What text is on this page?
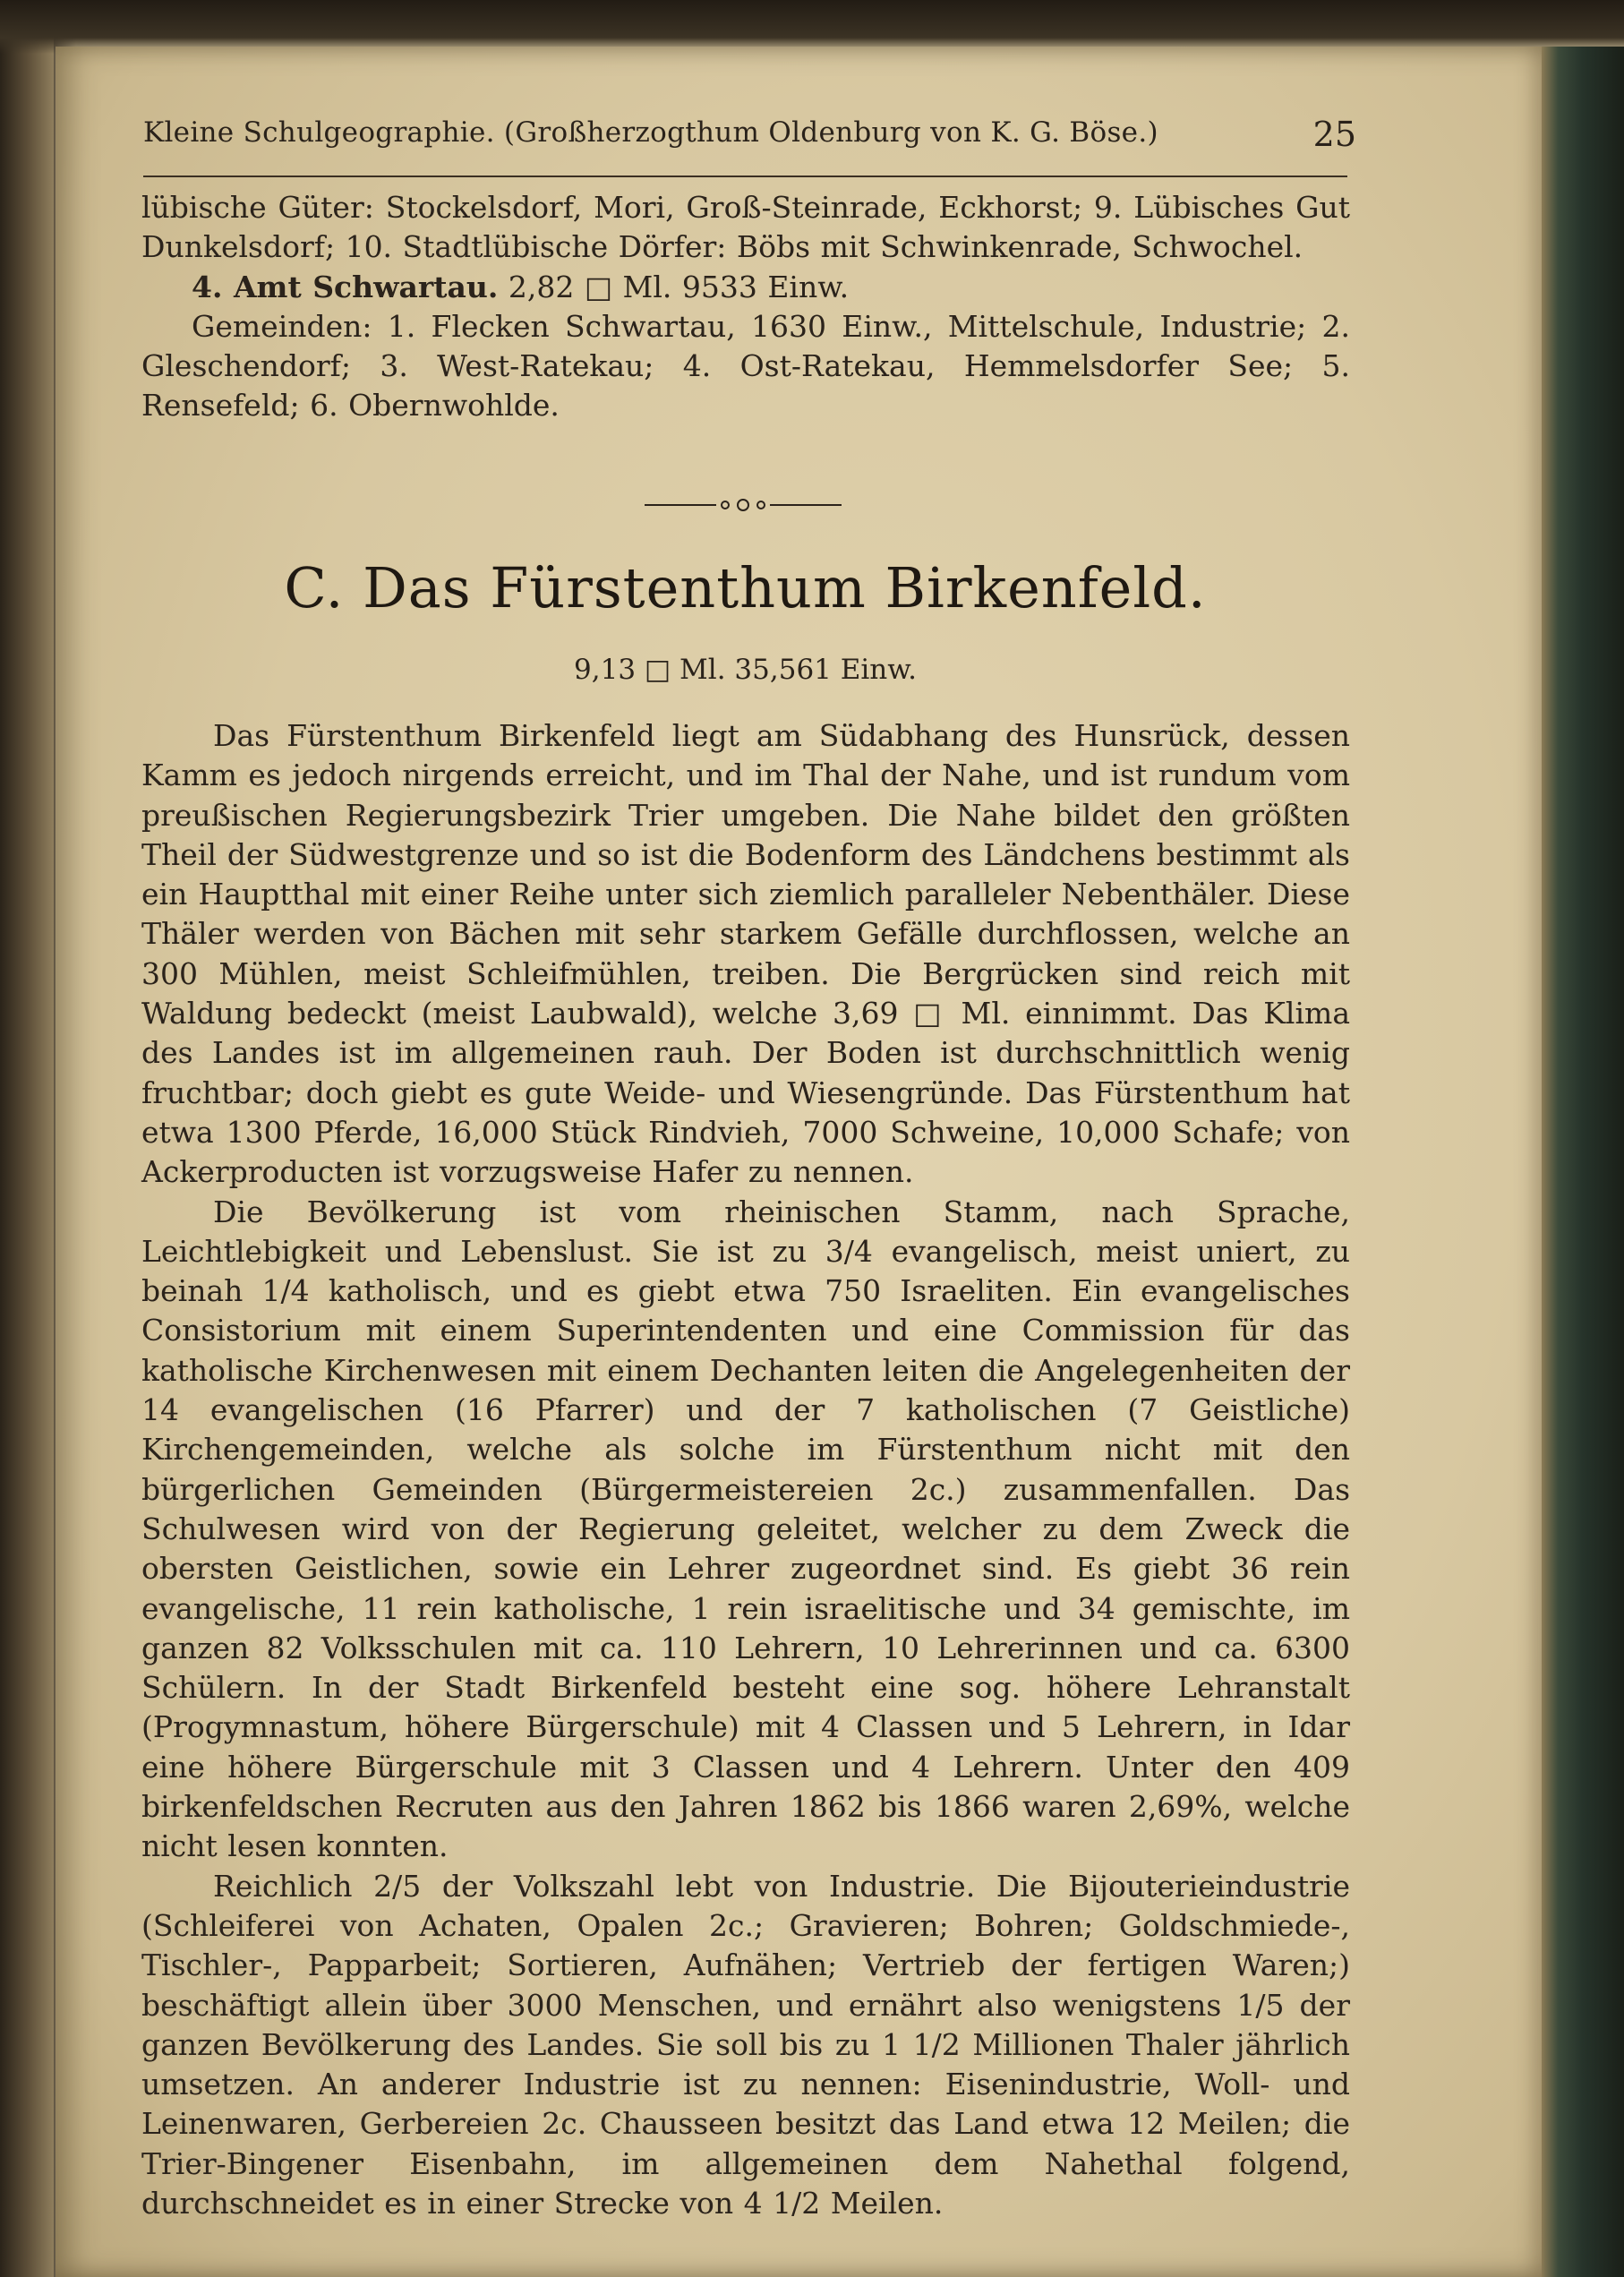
Kleine Schulgeographie. (Großherzogthum Oldenburg von K. G. Böse.)	25

lübische Güter: Stockelsdorf, Mori, Groß-Steinrade, Eckhorst; 9. Lübisches Gut Dunkelsdorf; 10. Stadtlübische Dörfer: Böbs mit Schwinkenrade, Schwochel.

4. Amt Schwartau. 2,82 □ Ml. 9533 Einw.

Gemeinden: 1. Flecken Schwartau, 1630 Einw., Mittelschule, Industrie; 2. Gleschendorf; 3. West-Ratekau; 4. Ost-Ratekau, Hemmelsdorfer See; 5. Rensefeld; 6. Obernwohlde.

C. Das Fürstenthum Birkenfeld.
9,13 □ Ml. 35,561 Einw.

Das Fürstenthum Birkenfeld liegt am Südabhang des Hunsrück, dessen Kamm es jedoch nirgends erreicht, und im Thal der Nahe, und ist rundum vom preußischen Regierungsbezirk Trier umgeben. Die Nahe bildet den größten Theil der Südwestgrenze und so ist die Bodenform des Ländchens bestimmt als ein Hauptthal mit einer Reihe unter sich ziemlich paralleler Nebenthäler. Diese Thäler werden von Bächen mit sehr starkem Gefälle durchflossen, welche an 300 Mühlen, meist Schleifmühlen, treiben. Die Bergrücken sind reich mit Waldung bedeckt (meist Laubwald), welche 3,69 □ Ml. einnimmt. Das Klima des Landes ist im allgemeinen rauh. Der Boden ist durchschnittlich wenig fruchtbar; doch giebt es gute Weide- und Wiesengründe. Das Fürstenthum hat etwa 1300 Pferde, 16,000 Stück Rindvieh, 7000 Schweine, 10,000 Schafe; von Ackerproducten ist vorzugsweise Hafer zu nennen.

Die Bevölkerung ist vom rheinischen Stamm, nach Sprache, Leichtlebigkeit und Lebenslust. Sie ist zu 3/4 evangelisch, meist uniert, zu beinah 1/4 katholisch, und es giebt etwa 750 Israeliten. Ein evangelisches Consistorium mit einem Superintendenten und eine Commission für das katholische Kirchenwesen mit einem Dechanten leiten die Angelegenheiten der 14 evangelischen (16 Pfarrer) und der 7 katholischen (7 Geistliche) Kirchengemeinden, welche als solche im Fürstenthum nicht mit den bürgerlichen Gemeinden (Bürgermeistereien 2c.) zusammenfallen. Das Schulwesen wird von der Regierung geleitet, welcher zu dem Zweck die obersten Geistlichen, sowie ein Lehrer zugeordnet sind. Es giebt 36 rein evangelische, 11 rein katholische, 1 rein israelitische und 34 gemischte, im ganzen 82 Volksschulen mit ca. 110 Lehrern, 10 Lehrerinnen und ca. 6300 Schülern. In der Stadt Birkenfeld besteht eine sog. höhere Lehranstalt (Progymnastum, höhere Bürgerschule) mit 4 Classen und 5 Lehrern, in Idar eine höhere Bürgerschule mit 3 Classen und 4 Lehrern. Unter den 409 birkenfeldschen Recruten aus den Jahren 1862 bis 1866 waren 2,69%, welche nicht lesen konnten.

Reichlich 2/5 der Volkszahl lebt von Industrie. Die Bijouterieindustrie (Schleiferei von Achaten, Opalen 2c.; Gravieren; Bohren; Goldschmiede-, Tischler-, Papparbeit; Sortieren, Aufnähen; Vertrieb der fertigen Waren;) beschäftigt allein über 3000 Menschen, und ernährt also wenigstens 1/5 der ganzen Bevölkerung des Landes. Sie soll bis zu 1 1/2 Millionen Thaler jährlich umsetzen. An anderer Industrie ist zu nennen: Eisenindustrie, Woll- und Leinenwaren, Gerbereien 2c. Chausseen besitzt das Land etwa 12 Meilen; die Trier-Bingener Eisenbahn, im allgemeinen dem Nahethal folgend, durchschneidet es in einer Strecke von 4 1/2 Meilen.
